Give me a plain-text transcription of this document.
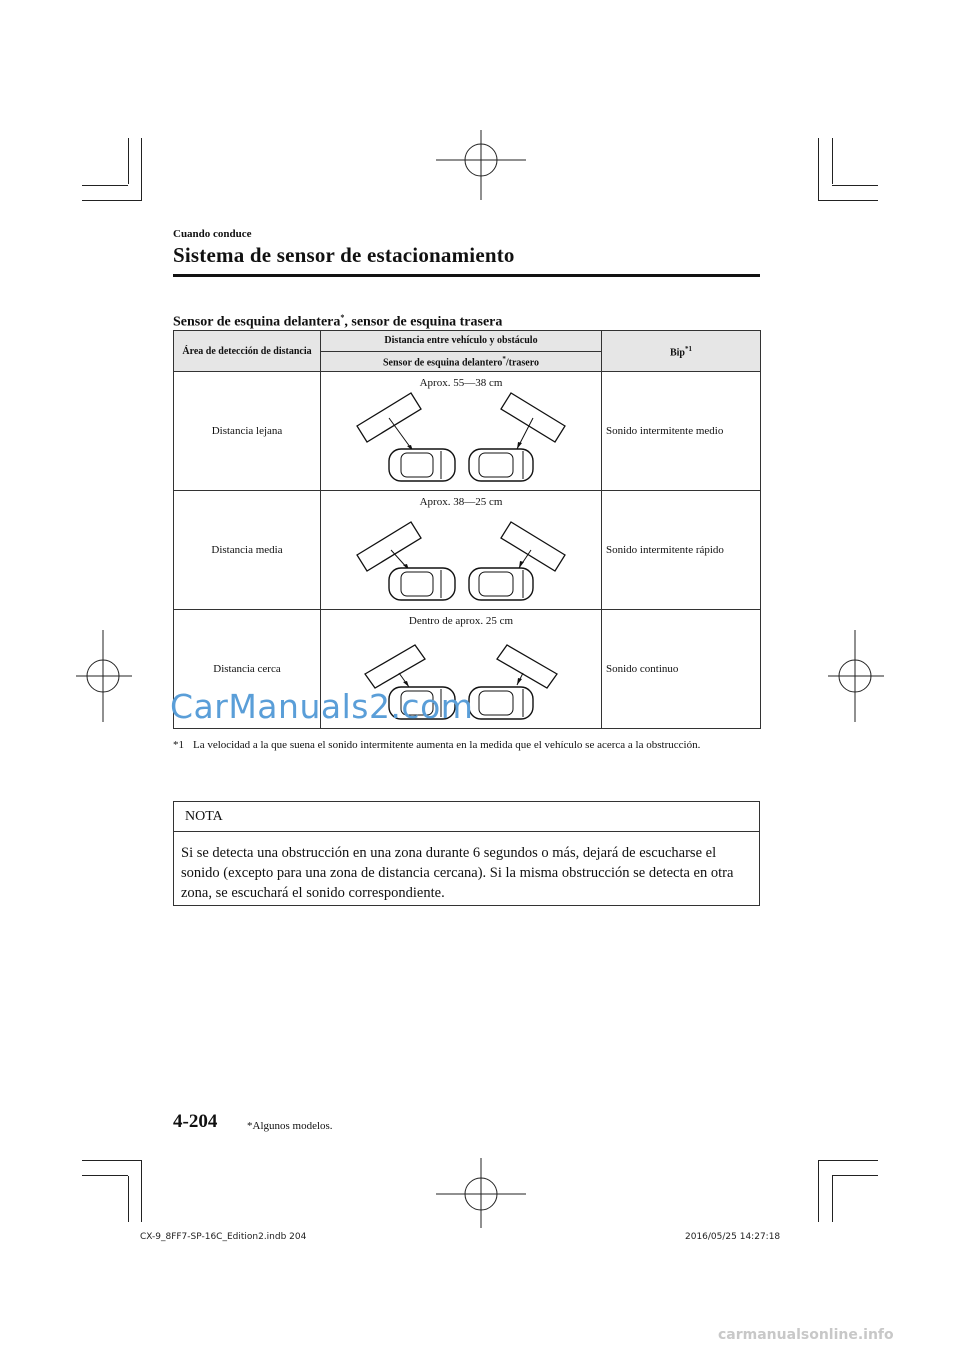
Cuando conduce
Sistema de sensor de estacionamiento
Sensor de esquina delantera*, sensor de esquina trasera
Área de detección de distancia	Distancia entre vehículo y obstáculo	Bip$^{*1}$
	Sensor de esquina delantero*/trasero	
Distancia lejana	Aprox. 55—38 cm	Sonido intermitente medio
Distancia media	Aprox. 38—25 cm	Sonido intermitente rápido
Distancia cerca	Dentro de aprox. 25 cm	Sonido continuo
CarManuals2.com
*1 La velocidad a la que suena el sonido intermitente aumenta en la medida que el vehículo se acerca a la obstrucción.
NOTA
Si se detecta una obstrucción en una zona durante 6 segundos o más, dejará de escucharse el sonido (excepto para una zona de distancia cercana). Si la misma obstrucción se detecta en otra zona, se escuchará el sonido correspondiente.
4-204	*Algunos modelos.
CX-9_8FF7-SP-16C_Edition2.indb 204	2016/05/25 14:27:18
carmanualsonline.info
